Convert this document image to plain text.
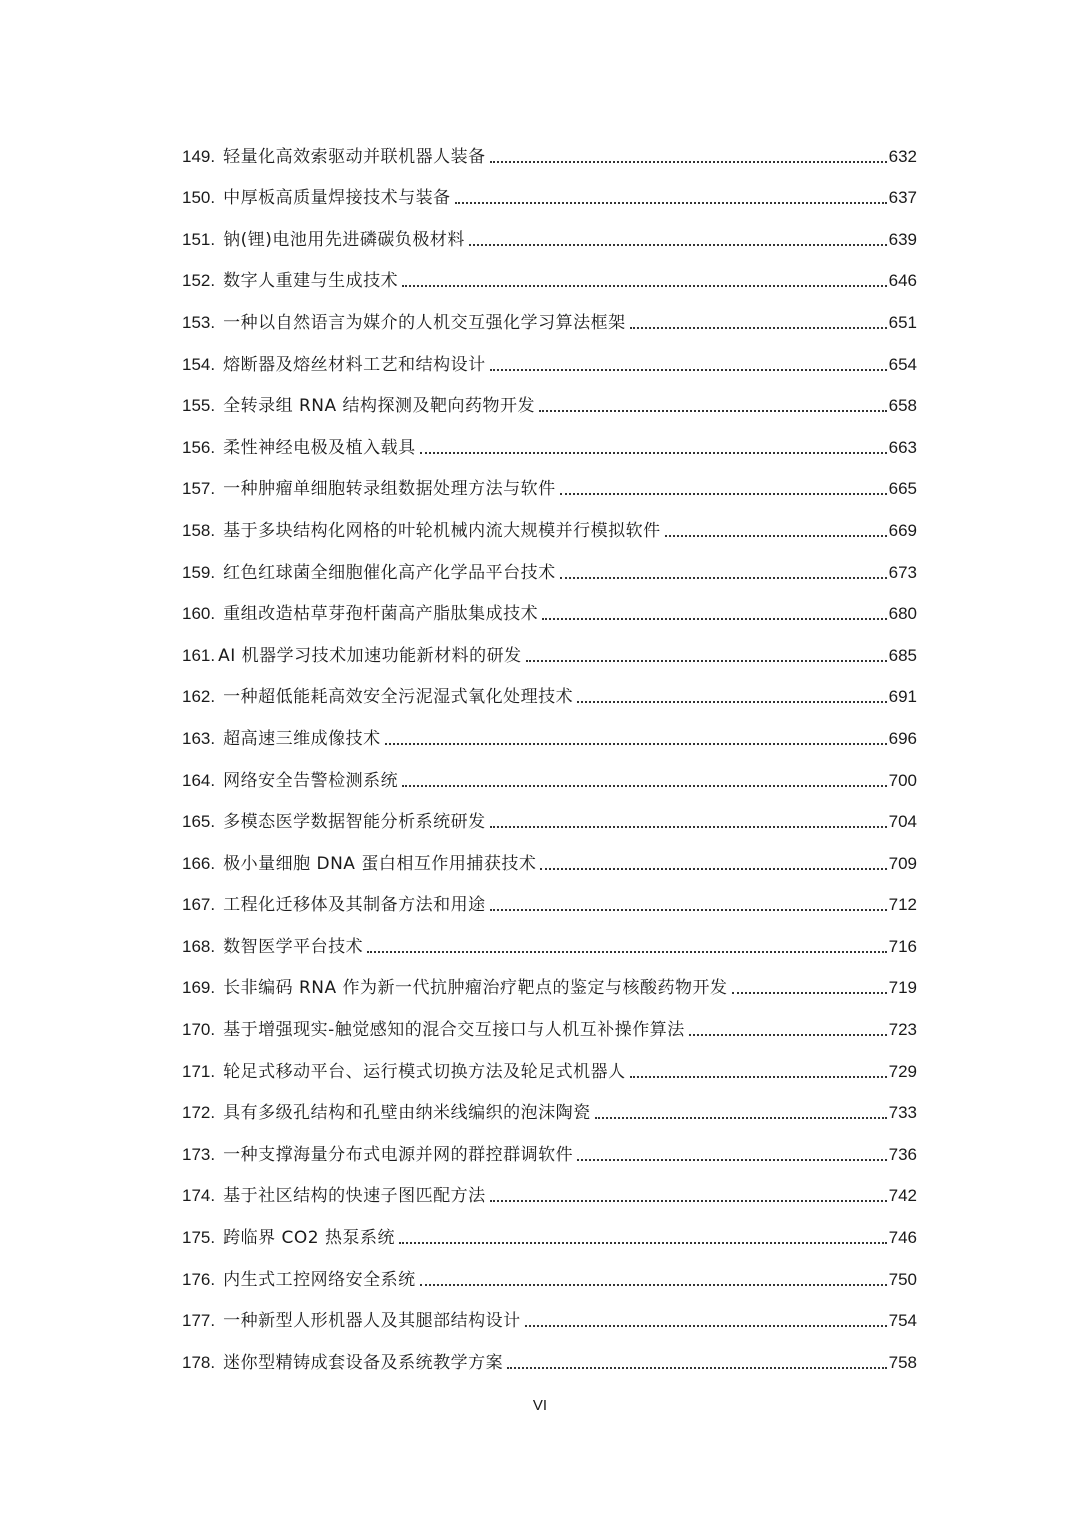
149. 轻量化高效索驱动并联机器人装备	632
150. 中厚板高质量焊接技术与装备	637
151. 钠(锂)电池用先进磷碳负极材料	639
152. 数字人重建与生成技术	646
153. 一种以自然语言为媒介的人机交互强化学习算法框架	651
154. 熔断器及熔丝材料工艺和结构设计	654
155. 全转录组 RNA 结构探测及靶向药物开发	658
156. 柔性神经电极及植入载具	663
157. 一种肿瘤单细胞转录组数据处理方法与软件	665
158. 基于多块结构化网格的叶轮机械内流大规模并行模拟软件	669
159. 红色红球菌全细胞催化高产化学品平台技术	673
160. 重组改造枯草芽孢杆菌高产脂肽集成技术	680
161. AI 机器学习技术加速功能新材料的研发	685
162. 一种超低能耗高效安全污泥湿式氧化处理技术	691
163. 超高速三维成像技术	696
164. 网络安全告警检测系统	700
165. 多模态医学数据智能分析系统研发	704
166. 极小量细胞 DNA 蛋白相互作用捕获技术	709
167. 工程化迁移体及其制备方法和用途	712
168. 数智医学平台技术	716
169. 长非编码 RNA 作为新一代抗肿瘤治疗靶点的鉴定与核酸药物开发	719
170. 基于增强现实-触觉感知的混合交互接口与人机互补操作算法	723
171. 轮足式移动平台、运行模式切换方法及轮足式机器人	729
172. 具有多级孔结构和孔壁由纳米线编织的泡沫陶瓷	733
173. 一种支撑海量分布式电源并网的群控群调软件	736
174. 基于社区结构的快速子图匹配方法	742
175. 跨临界 CO2 热泵系统	746
176. 内生式工控网络安全系统	750
177. 一种新型人形机器人及其腿部结构设计	754
178. 迷你型精铸成套设备及系统教学方案	758
VI
